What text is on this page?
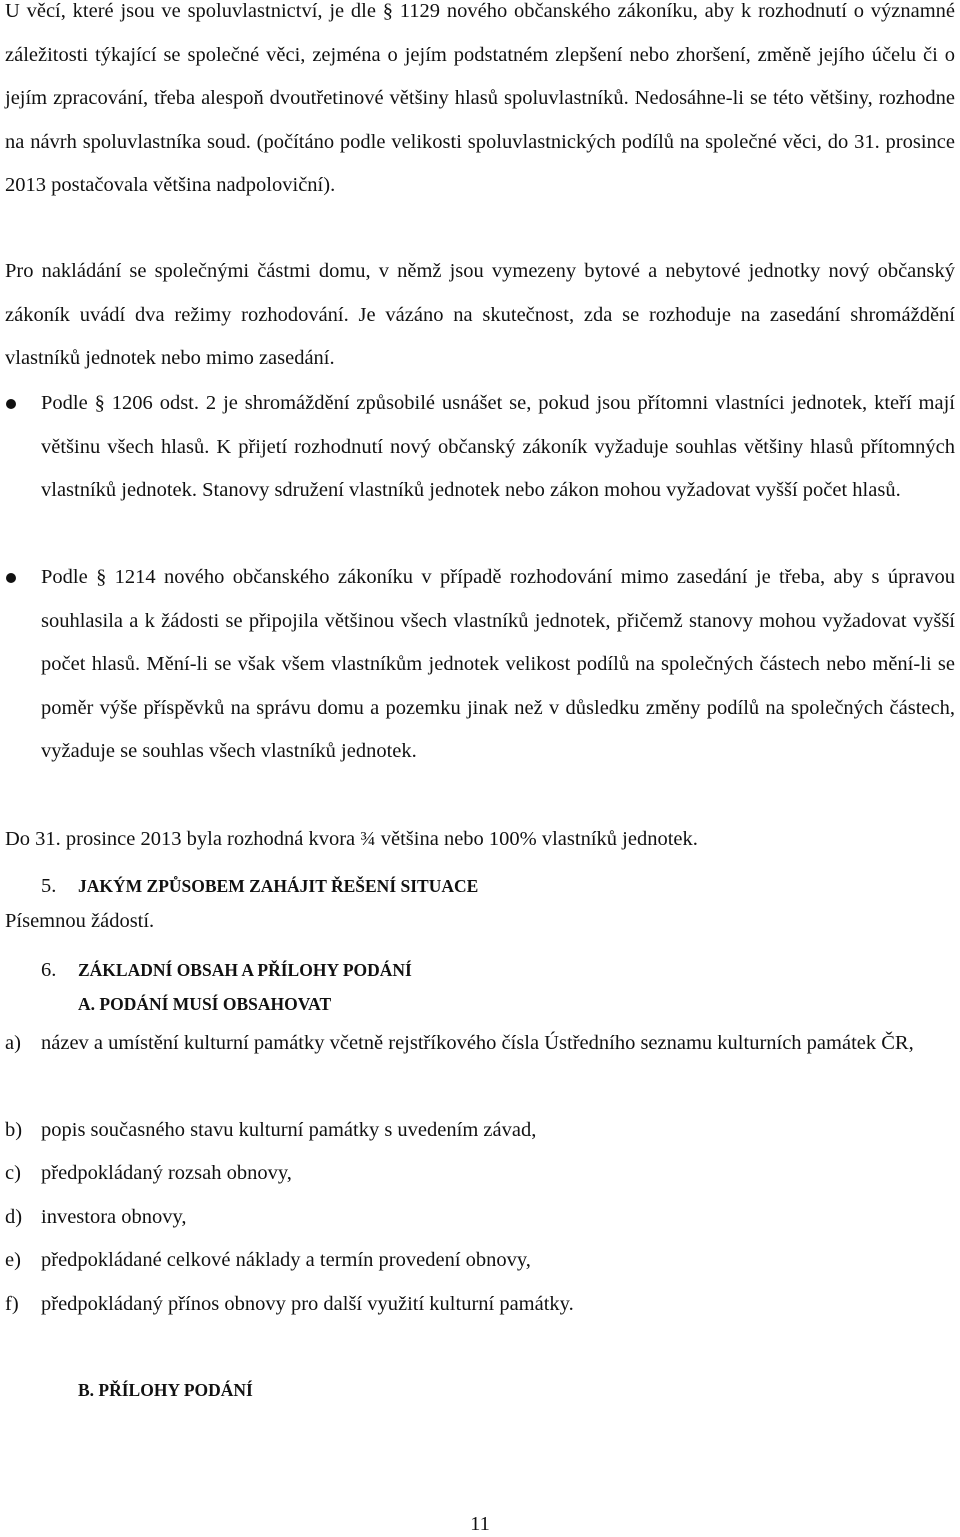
U věcí, které jsou ve spoluvlastnictví, je dle § 1129 nového občanského zákoníku, aby k rozhodnutí o významné záležitosti týkající se společné věci, zejména o jejím podstatném zlepšení nebo zhoršení, změně jejího účelu či o jejím zpracování, třeba alespoň dvoutřetinové většiny hlasů spoluvlastníků. Nedosáhne-li se této většiny, rozhodne na návrh spoluvlastníka soud. (počítáno podle velikosti spoluvlastnických podílů na společné věci, do 31. prosince 2013 postačovala většina nadpoloviční).

Pro nakládání se společnými částmi domu, v němž jsou vymezeny bytové a nebytové jednotky nový občanský zákoník uvádí dva režimy rozhodování. Je vázáno na skutečnost, zda se rozhoduje na zasedání shromáždění vlastníků jednotek nebo mimo zasedání.

Podle § 1206 odst. 2 je shromáždění způsobilé usnášet se, pokud jsou přítomni vlastníci jednotek, kteří mají většinu všech hlasů. K přijetí rozhodnutí nový občanský zákoník vyžaduje souhlas většiny hlasů přítomných vlastníků jednotek. Stanovy sdružení vlastníků jednotek nebo zákon mohou vyžadovat vyšší počet hlasů.

Podle § 1214 nového občanského zákoníku v případě rozhodování mimo zasedání je třeba, aby s úpravou souhlasila a k žádosti se připojila většinou všech vlastníků jednotek, přičemž stanovy mohou vyžadovat vyšší počet hlasů. Mění-li se však všem vlastníkům jednotek velikost podílů na společných částech nebo mění-li se poměr výše příspěvků na správu domu a pozemku jinak než v důsledku změny podílů na společných částech, vyžaduje se souhlas všech vlastníků jednotek.

Do 31. prosince 2013 byla rozhodná kvora ¾ většina nebo 100% vlastníků jednotek.

5. JAKÝM ZPŮSOBEM ZAHÁJIT ŘEŠENÍ SITUACE

Písemnou žádostí.

6. ZÁKLADNÍ OBSAH A PŘÍLOHY PODÁNÍ
A. PODÁNÍ MUSÍ OBSAHOVAT
a) název a umístění kulturní památky včetně rejstříkového čísla Ústředního seznamu kulturních památek ČR,
b) popis současného stavu kulturní památky s uvedením závad,
c) předpokládaný rozsah obnovy,
d) investora obnovy,
e) předpokládané celkové náklady a termín provedení obnovy,
f)	předpokládaný přínos obnovy pro další využití kulturní památky.
B. PŘÍLOHY PODÁNÍ
11
